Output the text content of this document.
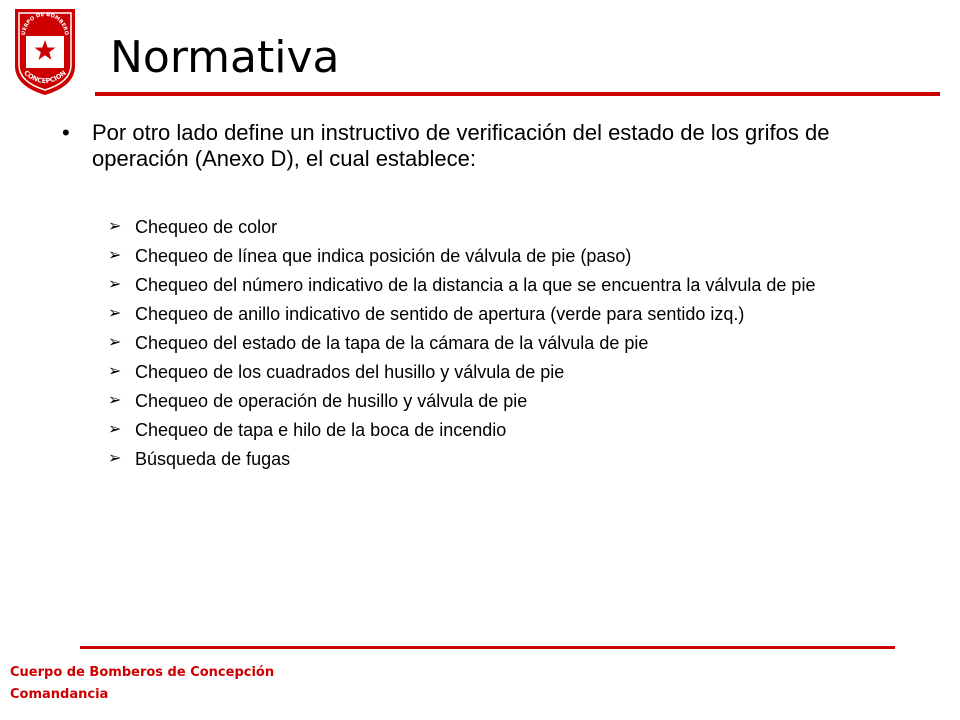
UERPO DE BOMBERO
CONCEPCION Normativa
• Por otro lado define un instructivo de verificación del estado de los grifos de operación (Anexo D), el cual establece:
➢ Chequeo de color
➢ Chequeo de línea que indica posición de válvula de pie (paso)
➢ Chequeo del número indicativo de la distancia a la que se encuentra la válvula de pie
➢ Chequeo de anillo indicativo de sentido de apertura (verde para sentido izq.)
➢ Chequeo del estado de la tapa de la cámara de la válvula de pie
➢ Chequeo de los cuadrados del husillo y válvula de pie
➢ Chequeo de operación de husillo y válvula de pie
➢ Chequeo de tapa e hilo de la boca de incendio
➢ Búsqueda de fugas
Cuerpo de Bomberos de Concepción
Comandancia
